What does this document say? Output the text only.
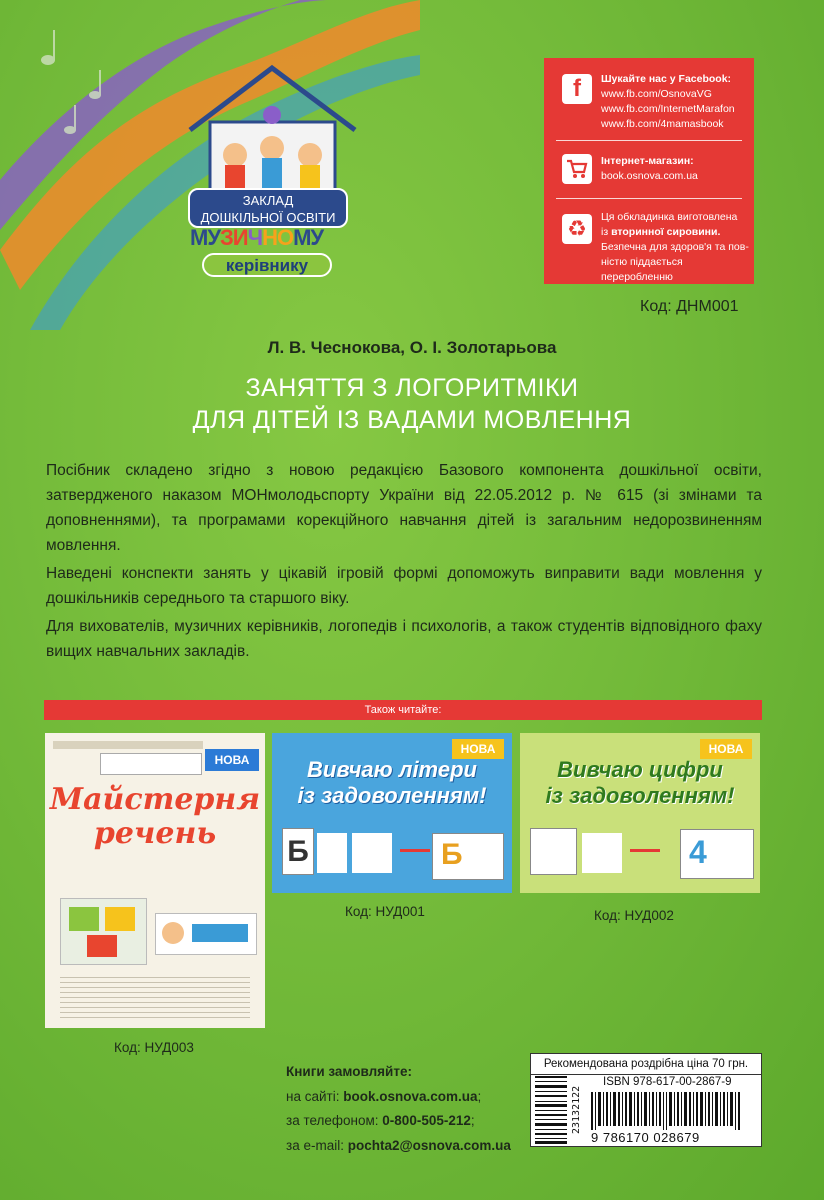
ЗАКЛАД
ДОШКІЛЬНОЇ ОСВІТИ
МУЗИЧНОМУ
керівнику
f Шукайте нас у Facebook:
www.fb.com/OsnovaVG
www.fb.com/InternetMarafon
www.fb.com/4mamasbook
Інтернет-магазин:
book.osnova.com.ua
♻ Ця обкладинка виготовлена
із вторинної сировини.
Безпечна для здоров'я та пов-
ністю піддається переробленню
Код: ДНМ001
Л. В. Чеснокова, О. І. Золотарьова
ЗАНЯТТЯ З ЛОГОРИТМІКИ
ДЛЯ ДІТЕЙ ІЗ ВАДАМИ МОВЛЕННЯ

Посібник складено згідно з новою редакцією Базового компонента дошкільної освіти, затвердженого наказом МОНмолодьспорту України від 22.05.2012 р. № 615 (зі змінами та доповненнями), та програмами корекційного навчання дітей із загальним недорозвиненням мовлення.

Наведені конспекти занять у цікавій ігровій формі допоможуть виправити вади мовлення у дошкільників середнього та старшого віку.

Для вихователів, музичних керівників, логопедів і психологів, а також студентів відповідного фаху вищих навчальних закладів.

Також читайте:
НОВА
Майстерня
речень
НОВА
Вивчаю літери
із задоволенням!
Б	Б
НОВА
Вивчаю цифри
із задоволенням!
4
Код: НУД001	Код: НУД002
Код: НУД003
Книги замовляйте:
на сайті: book.osnova.com.ua;
за телефоном: 0-800-505-212;
за e-mail: pochta2@osnova.com.ua
Рекомендована роздрібна ціна 70 грн.
ISBN 978-617-00-2867-9
23132122
9 786170 028679
